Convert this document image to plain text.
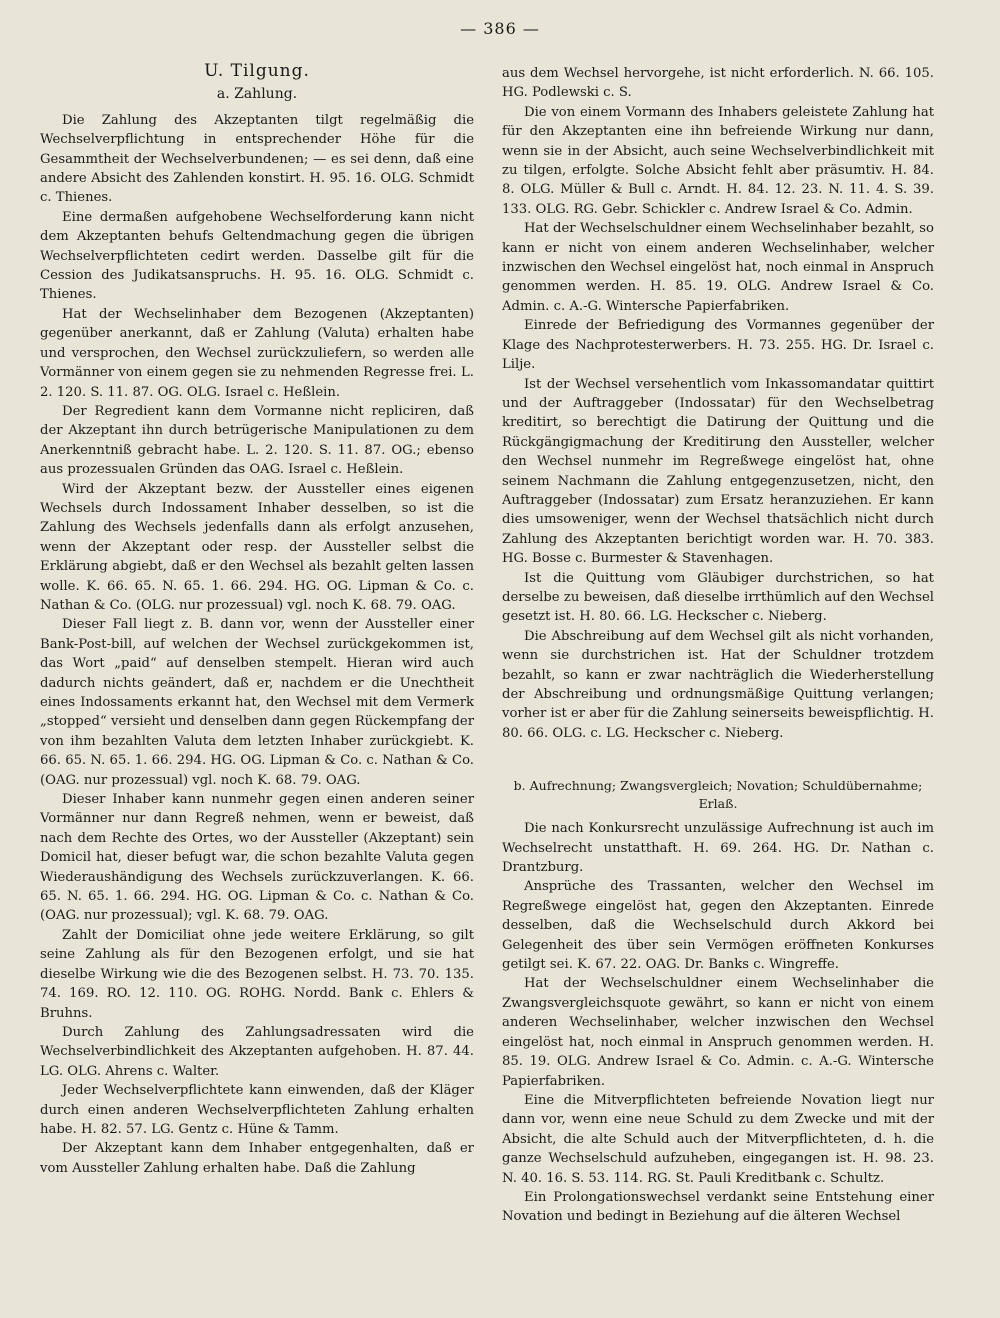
— 386 —
U. Tilgung.
a. Zahlung.

Die Zahlung des Akzeptanten tilgt regelmäßig die Wechselverpflichtung in entsprechender Höhe für die Gesammtheit der Wechselverbundenen; — es sei denn, daß eine andere Absicht des Zahlenden konstirt. H. 95. 16. OLG. Schmidt c. Thienes.

Eine dermaßen aufgehobene Wechselforderung kann nicht dem Akzeptanten behufs Geltendmachung gegen die übrigen Wechselverpflichteten cedirt werden. Dasselbe gilt für die Cession des Judikatsanspruchs. H. 95. 16. OLG. Schmidt c. Thienes.

Hat der Wechselinhaber dem Bezogenen (Akzeptanten) gegenüber anerkannt, daß er Zahlung (Valuta) erhalten habe und versprochen, den Wechsel zurückzuliefern, so werden alle Vormänner von einem gegen sie zu nehmenden Regresse frei. L. 2. 120. S. 11. 87. OG. OLG. Israel c. Heßlein.

Der Regredient kann dem Vormanne nicht repliciren, daß der Akzeptant ihn durch betrügerische Manipulationen zu dem Anerkenntniß gebracht habe. L. 2. 120. S. 11. 87. OG.; ebenso aus prozessualen Gründen das OAG. Israel c. Heßlein.

Wird der Akzeptant bezw. der Aussteller eines eigenen Wechsels durch Indossament Inhaber desselben, so ist die Zahlung des Wechsels jedenfalls dann als erfolgt anzusehen, wenn der Akzeptant oder resp. der Aussteller selbst die Erklärung abgiebt, daß er den Wechsel als bezahlt gelten lassen wolle. K. 66. 65. N. 65. 1. 66. 294. HG. OG. Lipman & Co. c. Nathan & Co. (OLG. nur prozessual) vgl. noch K. 68. 79. OAG.

Dieser Fall liegt z. B. dann vor, wenn der Aussteller einer Bank-Post-bill, auf welchen der Wechsel zurückgekommen ist, das Wort „paid“ auf denselben stempelt. Hieran wird auch dadurch nichts geändert, daß er, nachdem er die Unechtheit eines Indossaments erkannt hat, den Wechsel mit dem Vermerk „stopped“ versieht und denselben dann gegen Rückempfang der von ihm bezahlten Valuta dem letzten Inhaber zurückgiebt. K. 66. 65. N. 65. 1. 66. 294. HG. OG. Lipman & Co. c. Nathan & Co. (OAG. nur prozessual) vgl. noch K. 68. 79. OAG.

Dieser Inhaber kann nunmehr gegen einen anderen seiner Vormänner nur dann Regreß nehmen, wenn er beweist, daß nach dem Rechte des Ortes, wo der Aussteller (Akzeptant) sein Domicil hat, dieser befugt war, die schon bezahlte Valuta gegen Wiederaushändigung des Wechsels zurückzuverlangen. K. 66. 65. N. 65. 1. 66. 294. HG. OG. Lipman & Co. c. Nathan & Co. (OAG. nur prozessual); vgl. K. 68. 79. OAG.

Zahlt der Domiciliat ohne jede weitere Erklärung, so gilt seine Zahlung als für den Bezogenen erfolgt, und sie hat dieselbe Wirkung wie die des Bezogenen selbst. H. 73. 70. 135. 74. 169. RO. 12. 110. OG. ROHG. Nordd. Bank c. Ehlers & Bruhns.

Durch Zahlung des Zahlungsadressaten wird die Wechselverbindlichkeit des Akzeptanten aufgehoben. H. 87. 44. LG. OLG. Ahrens c. Walter.

Jeder Wechselverpflichtete kann einwenden, daß der Kläger durch einen anderen Wechselverpflichteten Zahlung erhalten habe. H. 82. 57. LG. Gentz c. Hüne & Tamm.

Der Akzeptant kann dem Inhaber entgegenhalten, daß er vom Aussteller Zahlung erhalten habe. Daß die Zahlung

aus dem Wechsel hervorgehe, ist nicht erforderlich. N. 66. 105. HG. Podlewski c. S.

Die von einem Vormann des Inhabers geleistete Zahlung hat für den Akzeptanten eine ihn befreiende Wirkung nur dann, wenn sie in der Absicht, auch seine Wechselverbindlichkeit mit zu tilgen, erfolgte. Solche Absicht fehlt aber präsumtiv. H. 84. 8. OLG. Müller & Bull c. Arndt. H. 84. 12. 23. N. 11. 4. S. 39. 133. OLG. RG. Gebr. Schickler c. Andrew Israel & Co. Admin.

Hat der Wechselschuldner einem Wechselinhaber bezahlt, so kann er nicht von einem anderen Wechselinhaber, welcher inzwischen den Wechsel eingelöst hat, noch einmal in Anspruch genommen werden. H. 85. 19. OLG. Andrew Israel & Co. Admin. c. A.-G. Wintersche Papierfabriken.

Einrede der Befriedigung des Vormannes gegenüber der Klage des Nachprotesterwerbers. H. 73. 255. HG. Dr. Israel c. Lilje.

Ist der Wechsel versehentlich vom Inkassomandatar quittirt und der Auftraggeber (Indossatar) für den Wechselbetrag kreditirt, so berechtigt die Datirung der Quittung und die Rückgängigmachung der Kreditirung den Aussteller, welcher den Wechsel nunmehr im Regreßwege eingelöst hat, ohne seinem Nachmann die Zahlung entgegenzusetzen, nicht, den Auftraggeber (Indossatar) zum Ersatz heranzuziehen. Er kann dies umsoweniger, wenn der Wechsel thatsächlich nicht durch Zahlung des Akzeptanten berichtigt worden war. H. 70. 383. HG. Bosse c. Burmester & Stavenhagen.

Ist die Quittung vom Gläubiger durchstrichen, so hat derselbe zu beweisen, daß dieselbe irrthümlich auf den Wechsel gesetzt ist. H. 80. 66. LG. Heckscher c. Nieberg.

Die Abschreibung auf dem Wechsel gilt als nicht vorhanden, wenn sie durchstrichen ist. Hat der Schuldner trotzdem bezahlt, so kann er zwar nachträglich die Wiederherstellung der Abschreibung und ordnungsmäßige Quittung verlangen; vorher ist er aber für die Zahlung seinerseits beweispflichtig. H. 80. 66. OLG. c. LG. Heckscher c. Nieberg.

b. Aufrechnung; Zwangsvergleich; Novation; Schuldübernahme; Erlaß.

Die nach Konkursrecht unzulässige Aufrechnung ist auch im Wechselrecht unstatthaft. H. 69. 264. HG. Dr. Nathan c. Drantzburg.

Ansprüche des Trassanten, welcher den Wechsel im Regreßwege eingelöst hat, gegen den Akzeptanten. Einrede desselben, daß die Wechselschuld durch Akkord bei Gelegenheit des über sein Vermögen eröffneten Konkurses getilgt sei. K. 67. 22. OAG. Dr. Banks c. Wingreffe.

Hat der Wechselschuldner einem Wechselinhaber die Zwangsvergleichsquote gewährt, so kann er nicht von einem anderen Wechselinhaber, welcher inzwischen den Wechsel eingelöst hat, noch einmal in Anspruch genommen werden. H. 85. 19. OLG. Andrew Israel & Co. Admin. c. A.-G. Wintersche Papierfabriken.

Eine die Mitverpflichteten befreiende Novation liegt nur dann vor, wenn eine neue Schuld zu dem Zwecke und mit der Absicht, die alte Schuld auch der Mitverpflichteten, d. h. die ganze Wechselschuld aufzuheben, eingegangen ist. H. 98. 23. N. 40. 16. S. 53. 114. RG. St. Pauli Kreditbank c. Schultz.

Ein Prolongationswechsel verdankt seine Entstehung einer Novation und bedingt in Beziehung auf die älteren Wechsel
